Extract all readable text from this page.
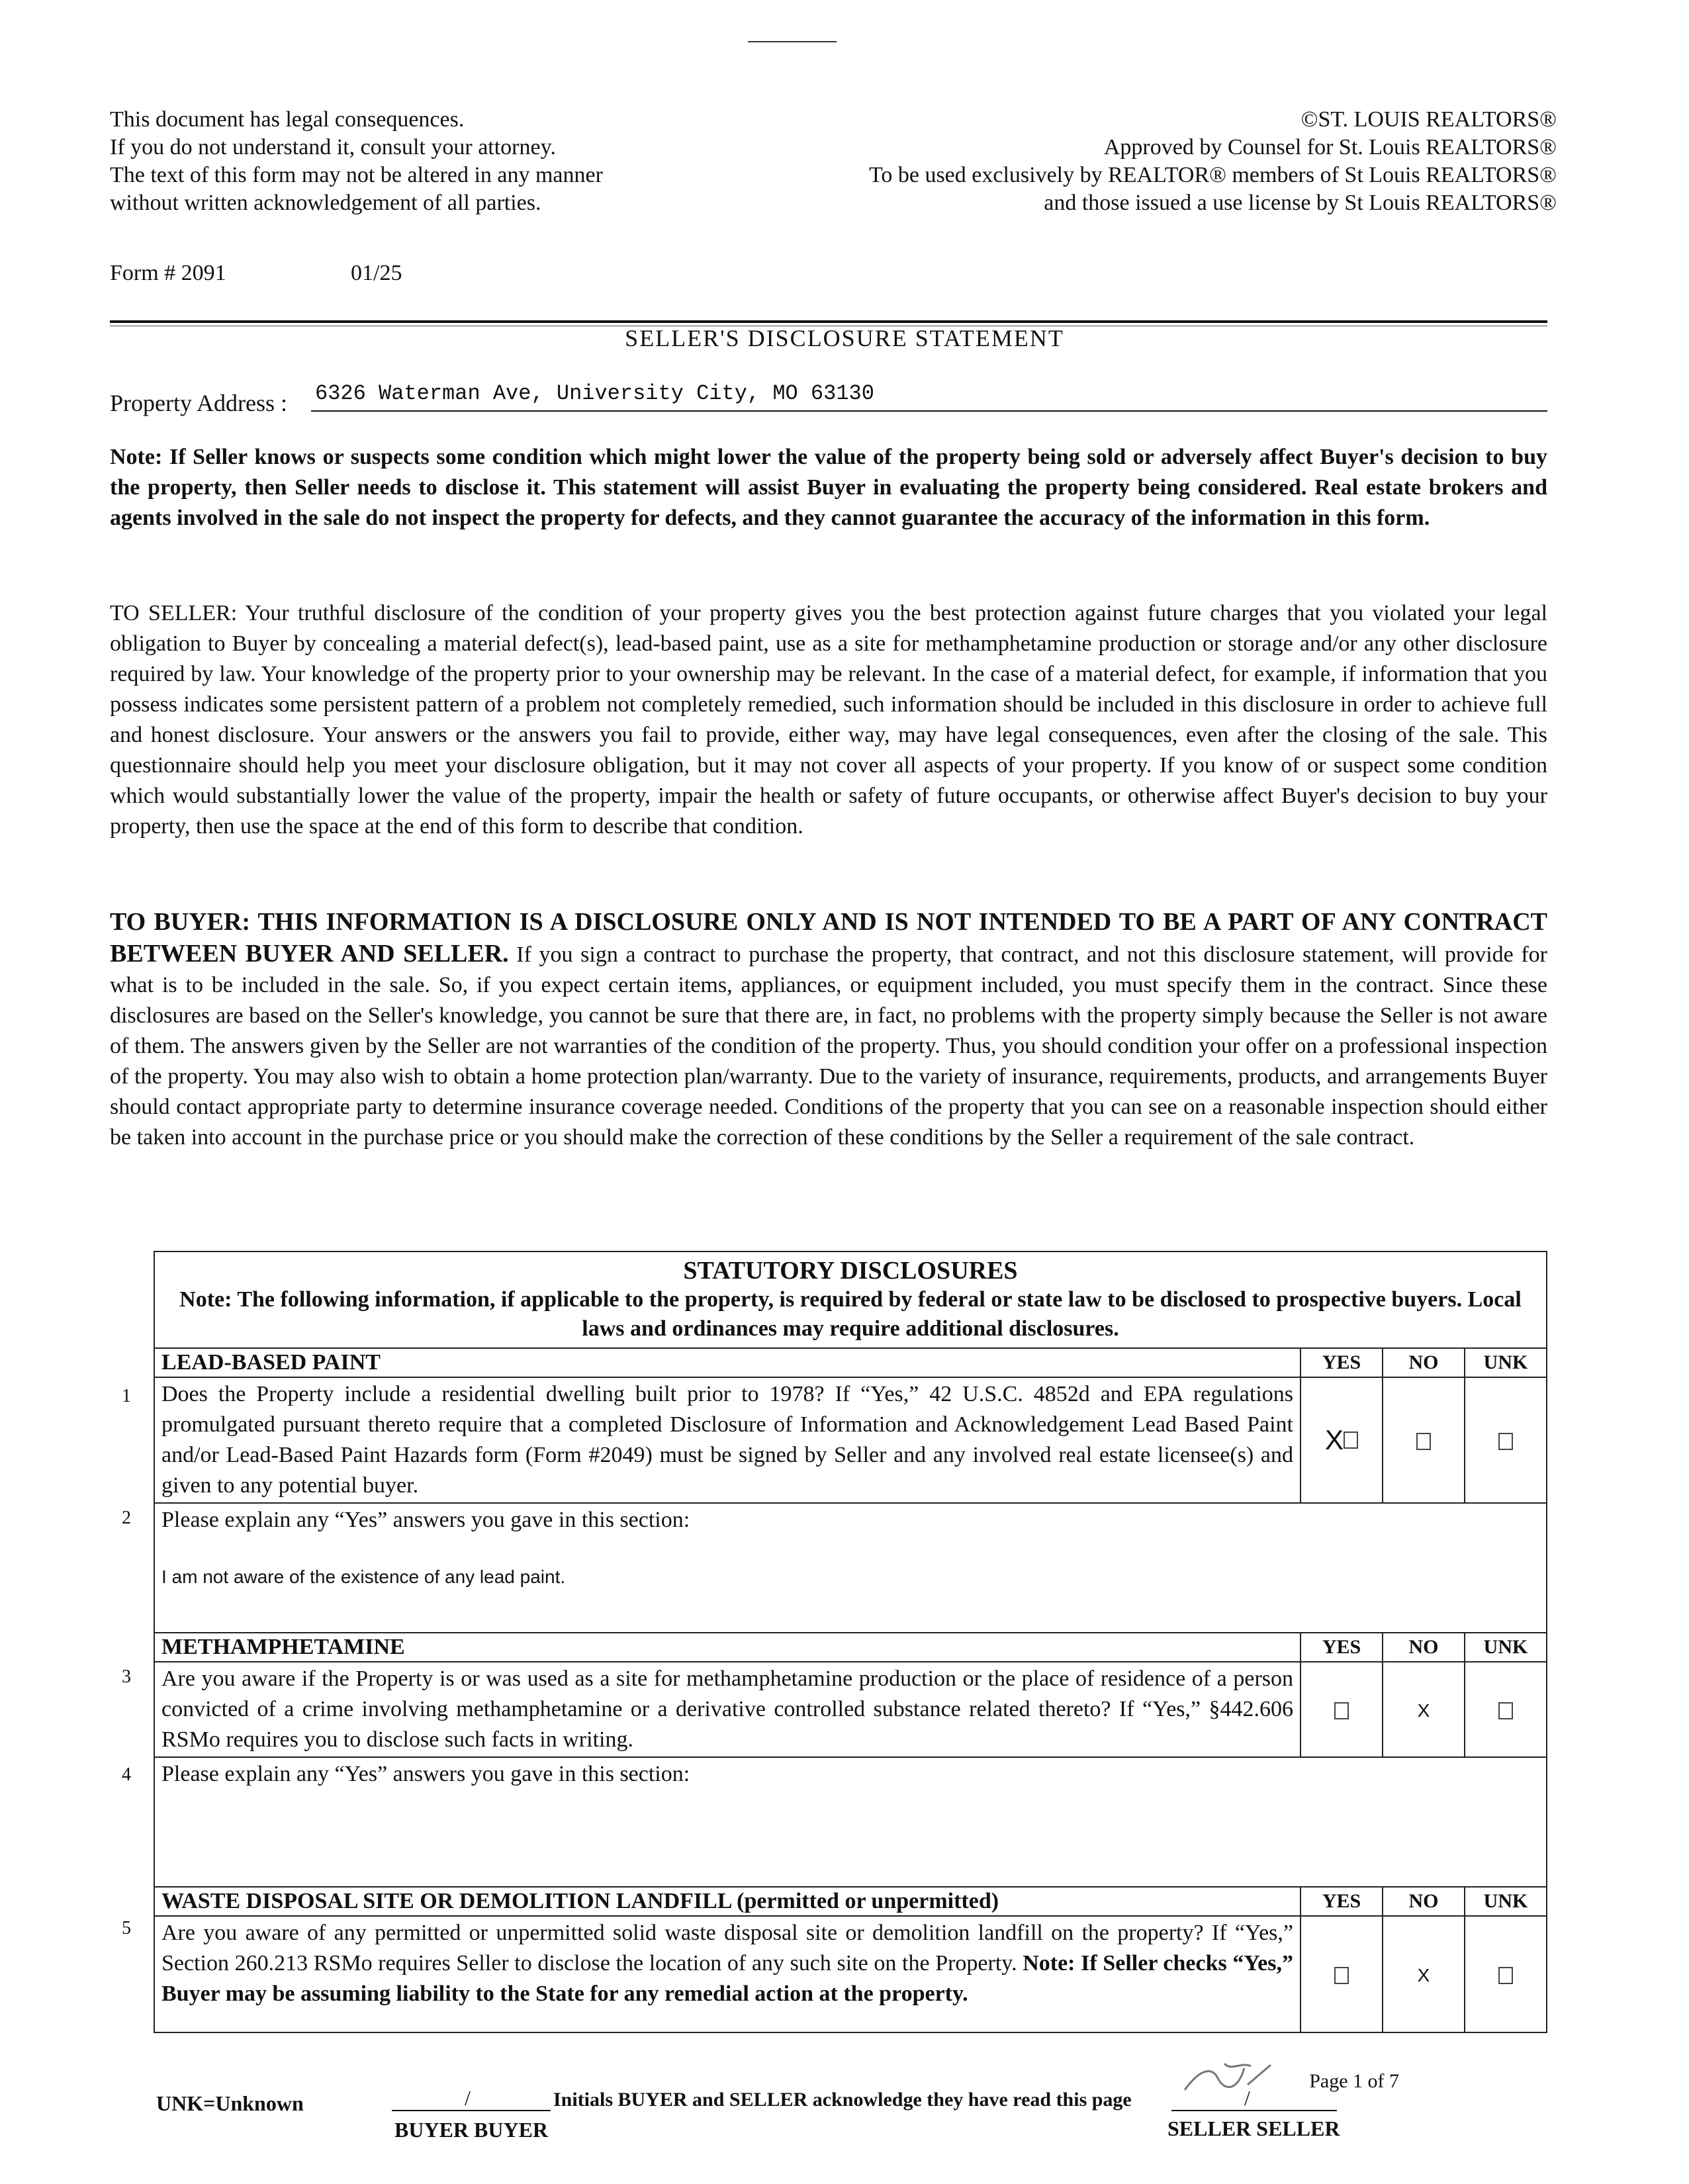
This document has legal consequences.
If you do not understand it, consult your attorney.
The text of this form may not be altered in any manner
without written acknowledgement of all parties.
©ST. LOUIS REALTORS®
Approved by Counsel for St. Louis REALTORS®
To be used exclusively by REALTOR® members of St Louis REALTORS®
and those issued a use license by St Louis REALTORS®
Form # 2091	01/25
SELLER'S DISCLOSURE STATEMENT
Property Address : 6326 Waterman Ave, University City, MO 63130
Note: If Seller knows or suspects some condition which might lower the value of the property being sold or adversely affect Buyer's decision to buy the property, then Seller needs to disclose it. This statement will assist Buyer in evaluating the property being considered. Real estate brokers and agents involved in the sale do not inspect the property for defects, and they cannot guarantee the accuracy of the information in this form.
TO SELLER: Your truthful disclosure of the condition of your property gives you the best protection against future charges that you violated your legal obligation to Buyer by concealing a material defect(s), lead-based paint, use as a site for methamphetamine production or storage and/or any other disclosure required by law. Your knowledge of the property prior to your ownership may be relevant. In the case of a material defect, for example, if information that you possess indicates some persistent pattern of a problem not completely remedied, such information should be included in this disclosure in order to achieve full and honest disclosure. Your answers or the answers you fail to provide, either way, may have legal consequences, even after the closing of the sale. This questionnaire should help you meet your disclosure obligation, but it may not cover all aspects of your property. If you know of or suspect some condition which would substantially lower the value of the property, impair the health or safety of future occupants, or otherwise affect Buyer's decision to buy your property, then use the space at the end of this form to describe that condition.
TO BUYER: THIS INFORMATION IS A DISCLOSURE ONLY AND IS NOT INTENDED TO BE A PART OF ANY CONTRACT BETWEEN BUYER AND SELLER. If you sign a contract to purchase the property, that contract, and not this disclosure statement, will provide for what is to be included in the sale. So, if you expect certain items, appliances, or equipment included, you must specify them in the contract. Since these disclosures are based on the Seller's knowledge, you cannot be sure that there are, in fact, no problems with the property simply because the Seller is not aware of them. The answers given by the Seller are not warranties of the condition of the property. Thus, you should condition your offer on a professional inspection of the property. You may also wish to obtain a home protection plan/warranty. Due to the variety of insurance, requirements, products, and arrangements Buyer should contact appropriate party to determine insurance coverage needed. Conditions of the property that you can see on a reasonable inspection should either be taken into account in the purchase price or you should make the correction of these conditions by the Seller a requirement of the sale contract.
STATUTORY DISCLOSURES
Note: The following information, if applicable to the property, is required by federal or state law to be disclosed to prospective buyers. Local laws and ordinances may require additional disclosures.			

LEAD-BASED PAINT	YES	NO	UNK
Does the Property include a residential dwelling built prior to 1978? If “Yes,” 42 U.S.C. 4852d and EPA regulations promulgated pursuant thereto require that a completed Disclosure of Information and Acknowledgement Lead Based Paint and/or Lead-Based Paint Hazards form (Form #2049) must be signed by Seller and any involved real estate licensee(s) and given to any potential buyer.	X		
Please explain any “Yes” answers you gave in this section:
I am not aware of the existence of any lead paint.			

METHAMPHETAMINE	YES	NO	UNK
Are you aware if the Property is or was used as a site for methamphetamine production or the place of residence of a person convicted of a crime involving methamphetamine or a derivative controlled substance related thereto? If “Yes,” §442.606 RSMo requires you to disclose such facts in writing.		X	
Please explain any “Yes” answers you gave in this section:			
WASTE DISPOSAL SITE OR DEMOLITION LANDFILL (permitted or unpermitted)	YES	NO	UNK
Are you aware of any permitted or unpermitted solid waste disposal site or demolition landfill on the property? If “Yes,” Section 260.213 RSMo requires Seller to disclose the location of any such site on the Property. Note: If Seller checks “Yes,” Buyer may be assuming liability to the State for any remedial action at the property.		X	
1
2
3
4
5
UNK=Unknown	/
BUYER BUYER
Initials BUYER and SELLER acknowledge they have read this page	/
SELLER SELLER
Page 1 of 7
